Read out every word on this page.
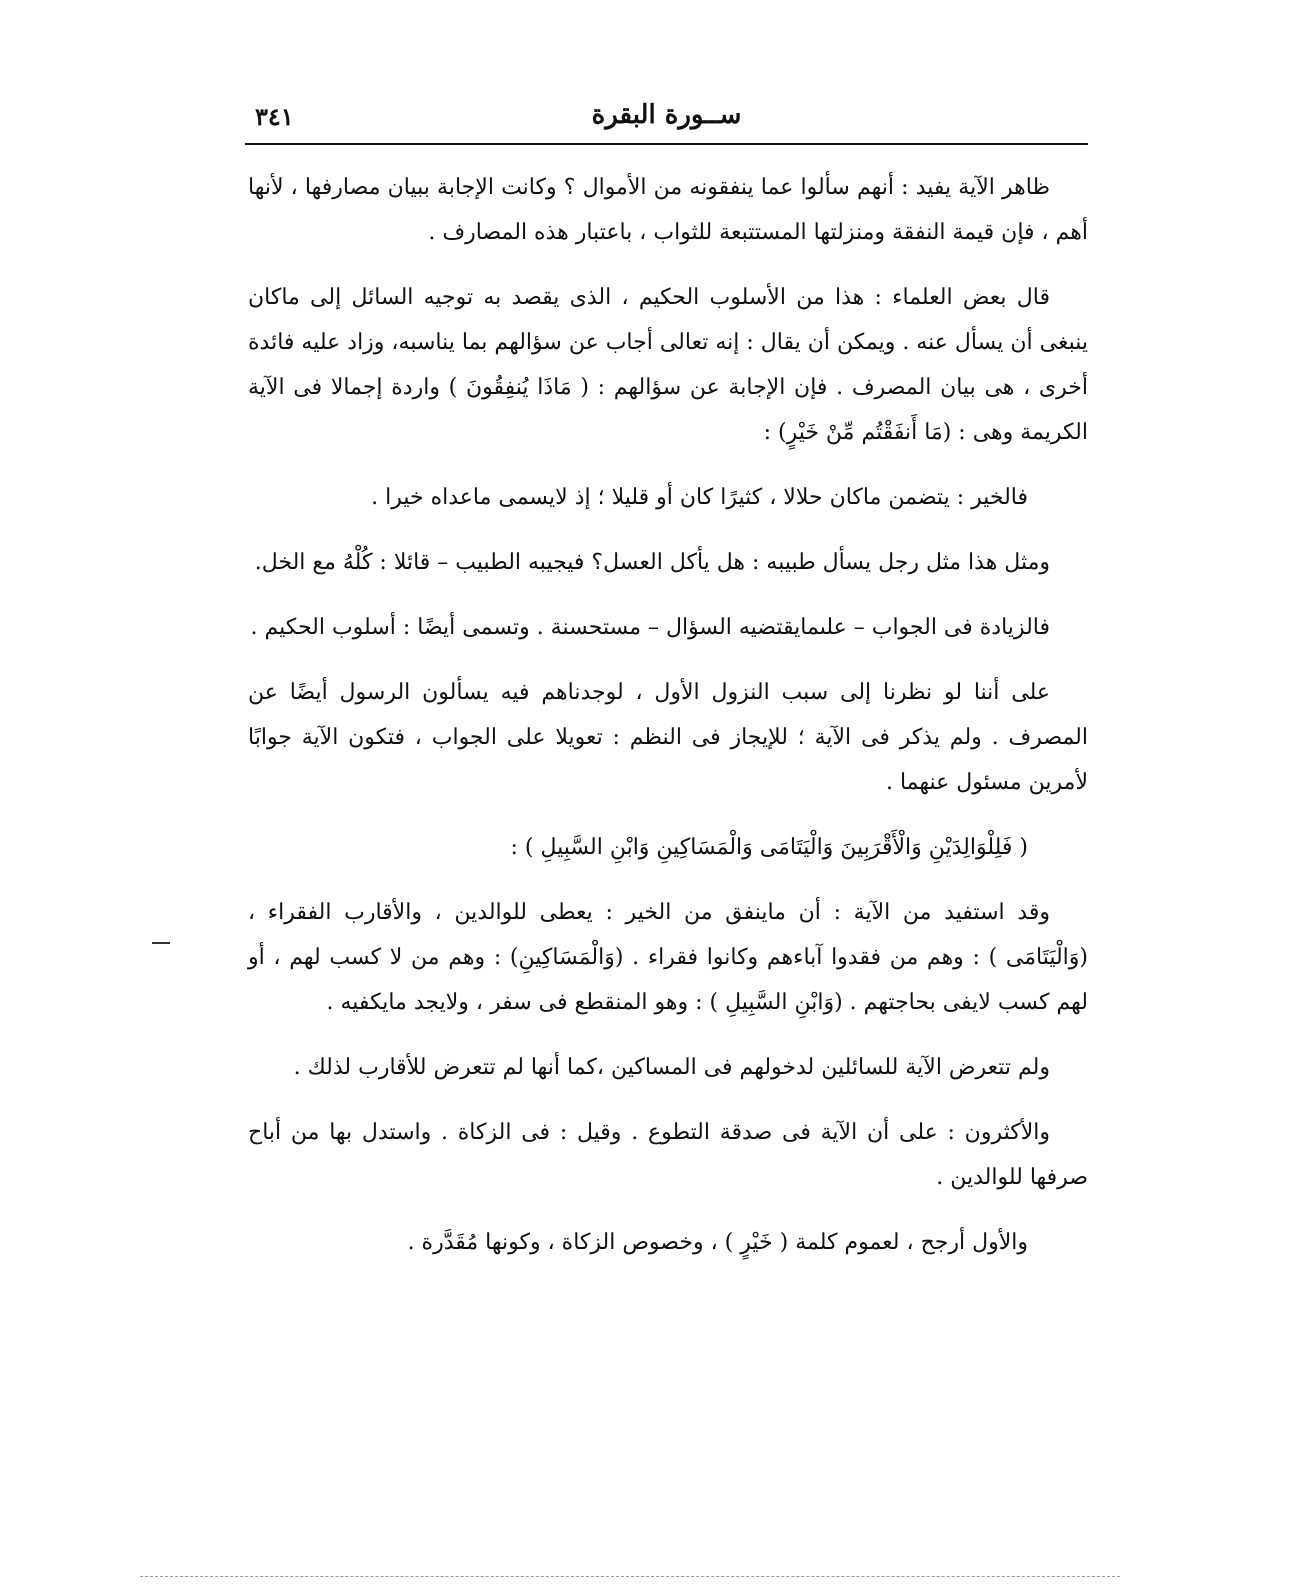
ســورة البقرة
٣٤١

ظاهر الآية يفيد : أنهم سألوا عما ينفقونه من الأموال ؟ وكانت الإجابة ببيان مصارفها ، لأنها أهم ، فإن قيمة النفقة ومنزلتها المستتبعة للثواب ، باعتبار هذه المصارف .

قال بعض العلماء : هذا من الأسلوب الحكيم ، الذى يقصد به توجيه السائل إلى ماكان ينبغى أن يسأل عنه . ويمكن أن يقال : إنه تعالى أجاب عن سؤالهم بما يناسبه، وزاد عليه فائدة أخرى ، هى بيان المصرف . فإن الإجابة عن سؤالهم : ( مَاذَا يُنفِقُونَ ) واردة إجمالا فى الآية الكريمة وهى : (مَا أَنفَقْتُم مِّنْ خَيْرٍ) :

فالخير : يتضمن ماكان حلالا ، كثيرًا كان أو قليلا ؛ إذ لايسمى ماعداه خيرا .

ومثل هذا مثل رجل يسأل طبيبه : هل يأكل العسل؟ فيجيبه الطبيب – قائلا : كُلْهُ مع الخل.

فالزيادة فى الجواب – علىمايقتضيه السؤال – مستحسنة . وتسمى أيضًا : أسلوب الحكيم .

على أننا لو نظرنا إلى سبب النزول الأول ، لوجدناهم فيه يسألون الرسول أيضًا عن المصرف . ولم يذكر فى الآية ؛ للإيجاز فى النظم : تعويلا على الجواب ، فتكون الآية جوابًا لأمرين مسئول عنهما .

( فَلِلْوَالِدَيْنِ وَالْأَقْرَبِينَ وَالْيَتَامَى وَالْمَسَاكِينِ وَابْنِ السَّبِيلِ ) :

وقد استفيد من الآية : أن ماينفق من الخير : يعطى للوالدين ، والأقارب الفقراء ، (وَالْيَتَامَى ) : وهم من فقدوا آباءهم وكانوا فقراء . (وَالْمَسَاكِينِ) : وهم من لا كسب لهم ، أو لهم كسب لايفى بحاجتهم . (وَابْنِ السَّبِيلِ ) : وهو المنقطع فى سفر ، ولايجد مايكفيه .

ولم تتعرض الآية للسائلين لدخولهم فى المساكين ،كما أنها لم تتعرض للأقارب لذلك .

والأكثرون : على أن الآية فى صدقة التطوع . وقيل : فى الزكاة . واستدل بها من أباح صرفها للوالدين .

والأول أرجح ، لعموم كلمة ( خَيْرٍ ) ، وخصوص الزكاة ، وكونها مُقَدَّرة .
